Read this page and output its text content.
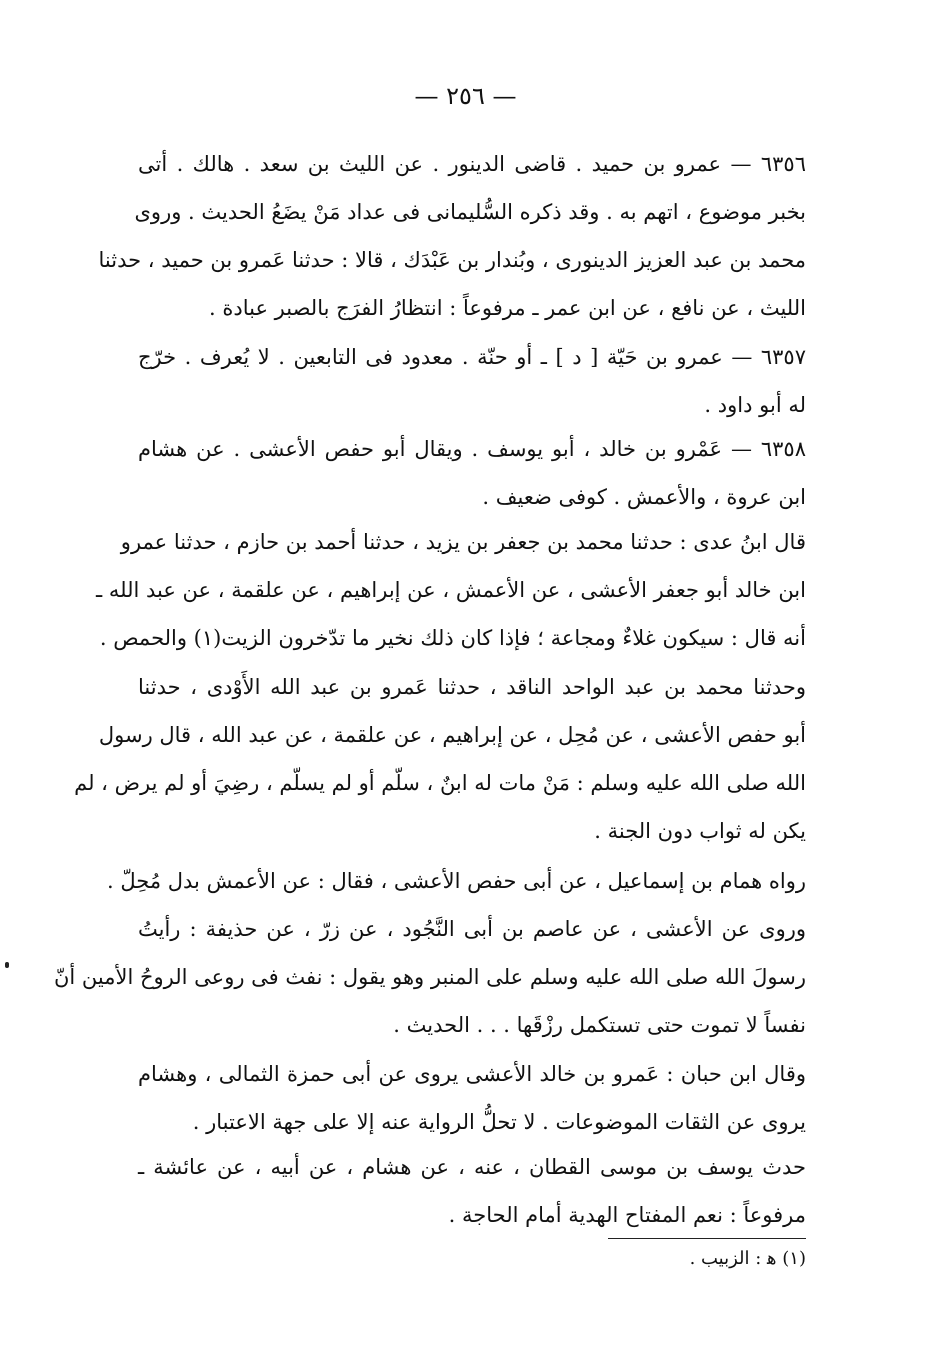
— ٢٥٦ —
٦٣٥٦ — عمرو بن حميد . قاضى الدينور . عن الليث بن سعد . هالك . أتى
بخبر موضوع ، اتهم به . وقد ذكره السُّليمانى فى عداد مَنْ يضَعُ الحديث . وروى
محمد بن عبد العزيز الدينورى ، وبُندار بن عَبْدَك ، قالا : حدثنا عَمرو بن حميد ، حدثنا
الليث ، عن نافع ، عن ابن عمر ـ مرفوعاً : انتظارُ الفرَج بالصبر عبادة .
٦٣٥٧ — عمرو بن حَيّة [ د ] ـ أو حنّة . معدود فى التابعين . لا يُعرف . خرّج
له أبو داود .
٦٣٥٨ — عَمْرو بن خالد ، أبو يوسف . ويقال أبو حفص الأعشى . عن هشام
ابن عروة ، والأعمش . كوفى ضعيف .
قال ابنُ عدى : حدثنا محمد بن جعفر بن يزيد ، حدثنا أحمد بن حازم ، حدثنا عمرو
ابن خالد أبو جعفر الأعشى ، عن الأعمش ، عن إبراهيم ، عن علقمة ، عن عبد الله ـ
أنه قال : سيكون غلاءٌ ومجاعة ؛ فإذا كان ذلك نخير ما تدّخرون الزيت(١) والحمص .
وحدثنا محمد بن عبد الواحد الناقد ، حدثنا عَمرو بن عبد الله الأَوْدى ، حدثنا
أبو حفص الأعشى ، عن مُحِل ، عن إبراهيم ، عن علقمة ، عن عبد الله ، قال رسول
الله صلى الله عليه وسلم : مَنْ مات له ابنٌ ، سلّم أو لم يسلّم ، رضِيَ أو لم يرض ، لم
يكن له ثواب دون الجنة .
رواه همام بن إسماعيل ، عن أبى حفص الأعشى ، فقال : عن الأعمش بدل مُحِلّ .
وروى عن الأعشى ، عن عاصم بن أبى النَّجُود ، عن زرّ ، عن حذيفة : رأيتُ
رسولَ الله صلى الله عليه وسلم على المنبر وهو يقول : نفث فى روعى الروحُ الأمين أنّ
نفساً لا تموت حتى تستكمل رزْقَها . . . الحديث .
وقال ابن حبان : عَمرو بن خالد الأعشى يروى عن أبى حمزة الثمالى ، وهشام
يروى عن الثقات الموضوعات . لا تحلُّ الرواية عنه إلا على جهة الاعتبار .
حدث يوسف بن موسى القطان ، عنه ، عن هشام ، عن أبيه ، عن عائشة ـ
مرفوعاً : نعم المفتاح الهدية أمام الحاجة .
(١) ﻫ : الزبيب .
